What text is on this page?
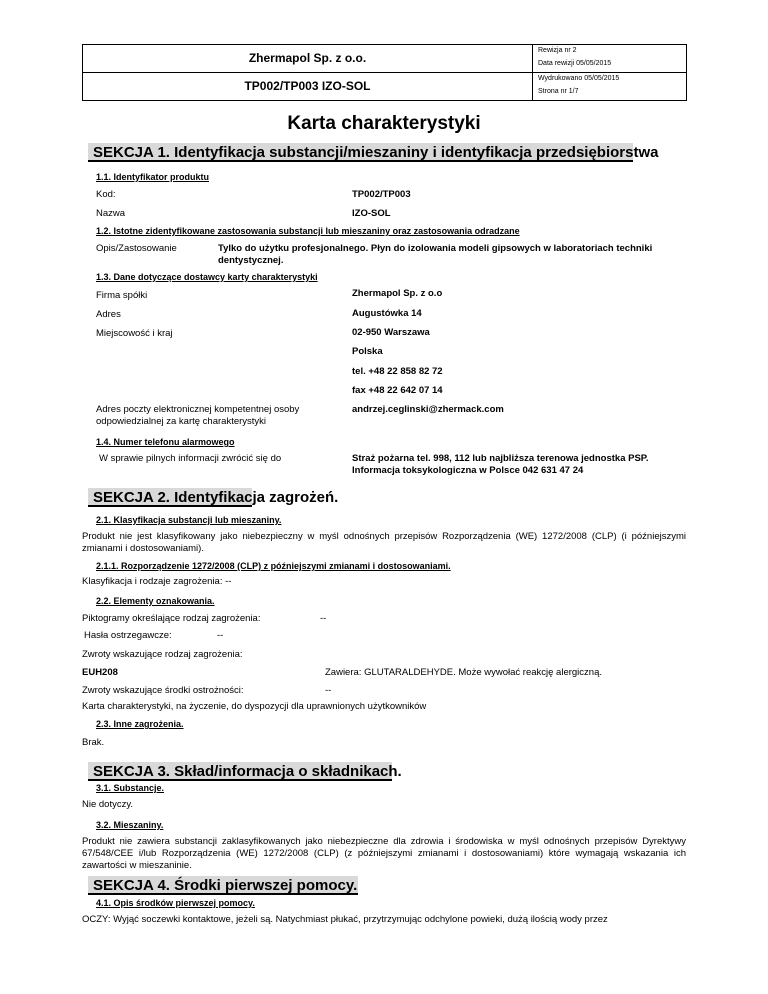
Zhermapol Sp. z o.o.
TP002/TP003 IZO-SOL
Rewizja nr 2
Data rewizji 05/05/2015
Wydrukowano 05/05/2015
Strona nr 1/7
Karta charakterystyki
SEKCJA 1. Identyfikacja substancji/mieszaniny i identyfikacja przedsiębiorstwa
1.1. Identyfikator produktu
Kod:	TP002/TP003
Nazwa	IZO-SOL
1.2. Istotne zidentyfikowane zastosowania substancji lub mieszaniny oraz zastosowania odradzane
Opis/Zastosowanie	Tylko do użytku profesjonalnego. Płyn do izolowania modeli gipsowych w laboratoriach techniki dentystycznej.
1.3. Dane dotyczące dostawcy karty charakterystyki
Firma spółki	Zhermapol Sp. z o.o
Adres	Augustówka 14
Miejscowość i kraj	02-950 Warszawa
Polska
tel. +48 22 858 82 72
fax +48 22 642 07 14
Adres poczty elektronicznej kompetentnej osoby odpowiedzialnej za kartę charakterystyki
andrzej.ceglinski@zhermack.com
1.4. Numer telefonu alarmowego
W sprawie pilnych informacji zwrócić się do	Straż pożarna tel. 998, 112 lub najbliższa terenowa jednostka PSP. Informacja toksykologiczna w Polsce 042 631 47 24
SEKCJA 2. Identyfikacja zagrożeń.
2.1. Klasyfikacja substancji lub mieszaniny.
Produkt nie jest klasyfikowany jako niebezpieczny w myśl odnośnych przepisów Rozporządzenia (WE) 1272/2008 (CLP) (i późniejszymi zmianami i dostosowaniami).
2.1.1. Rozporządzenie 1272/2008 (CLP) z późniejszymi zmianami i dostosowaniami.
Klasyfikacja i rodzaje zagrożenia: --
2.2. Elementy oznakowania.
Piktogramy określające rodzaj zagrożenia:	--
Hasła ostrzegawcze:	--
Zwroty wskazujące rodzaj zagrożenia:
EUH208	Zawiera: GLUTARALDEHYDE. Może wywołać reakcję alergiczną.
Zwroty wskazujące środki ostrożności:	--
Karta charakterystyki, na życzenie, do dyspozycji dla uprawnionych użytkowników
2.3. Inne zagrożenia.
Brak.
SEKCJA 3. Skład/informacja o składnikach.
3.1. Substancje.
Nie dotyczy.
3.2. Mieszaniny.
Produkt nie zawiera substancji zaklasyfikowanych jako niebezpieczne dla zdrowia i środowiska w myśl odnośnych przepisów Dyrektywy 67/548/CEE i/lub Rozporządzenia (WE) 1272/2008 (CLP) (z późniejszymi zmianami i dostosowaniami) które wymagają wskazania ich zawartości w mieszaninie.
SEKCJA 4. Środki pierwszej pomocy.
4.1. Opis środków pierwszej pomocy.
OCZY: Wyjąć soczewki kontaktowe, jeżeli są. Natychmiast płukać, przytrzymując odchylone powieki, dużą ilością wody przez
